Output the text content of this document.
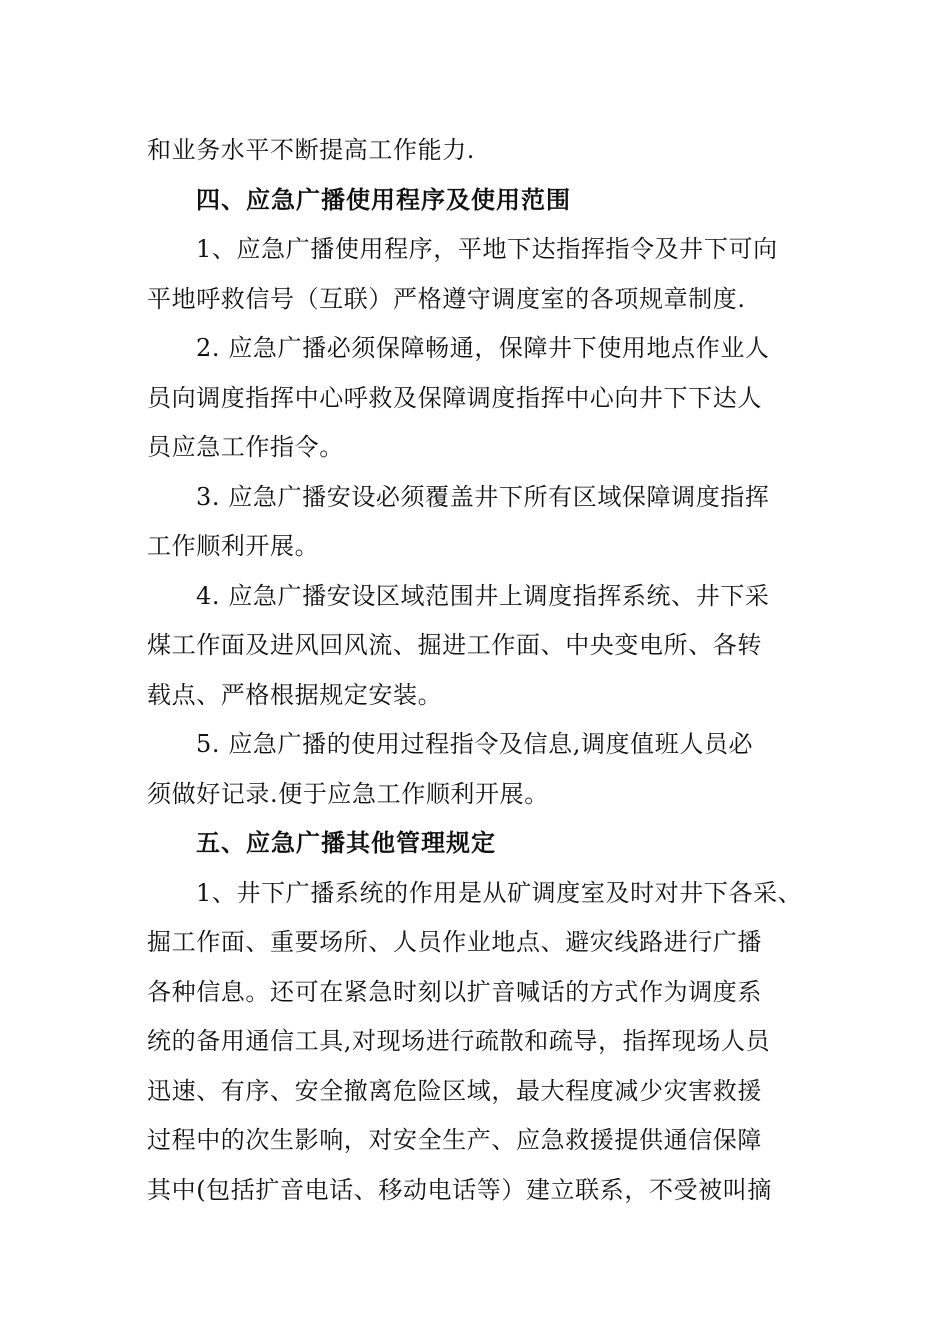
和业务水平不断提高工作能力.
四、应急广播使用程序及使用范围
1、应急广播使用程序，平地下达指挥指令及井下可向
平地呼救信号（互联）严格遵守调度室的各项规章制度.
2. 应急广播必须保障畅通，保障井下使用地点作业人
员向调度指挥中心呼救及保障调度指挥中心向井下下达人
员应急工作指令。
3. 应急广播安设必须覆盖井下所有区域保障调度指挥
工作顺利开展。
4. 应急广播安设区域范围井上调度指挥系统、井下采
煤工作面及进风回风流、掘进工作面、中央变电所、各转
载点、严格根据规定安装。
5. 应急广播的使用过程指令及信息,调度值班人员必
须做好记录.便于应急工作顺利开展。
五、应急广播其他管理规定
1、井下广播系统的作用是从矿调度室及时对井下各采、
掘工作面、重要场所、人员作业地点、避灾线路进行广播
各种信息。还可在紧急时刻以扩音喊话的方式作为调度系
统的备用通信工具,对现场进行疏散和疏导，指挥现场人员
迅速、有序、安全撤离危险区域，最大程度减少灾害救援
过程中的次生影响，对安全生产、应急救援提供通信保障
其中(包括扩音电话、移动电话等）建立联系，不受被叫摘
